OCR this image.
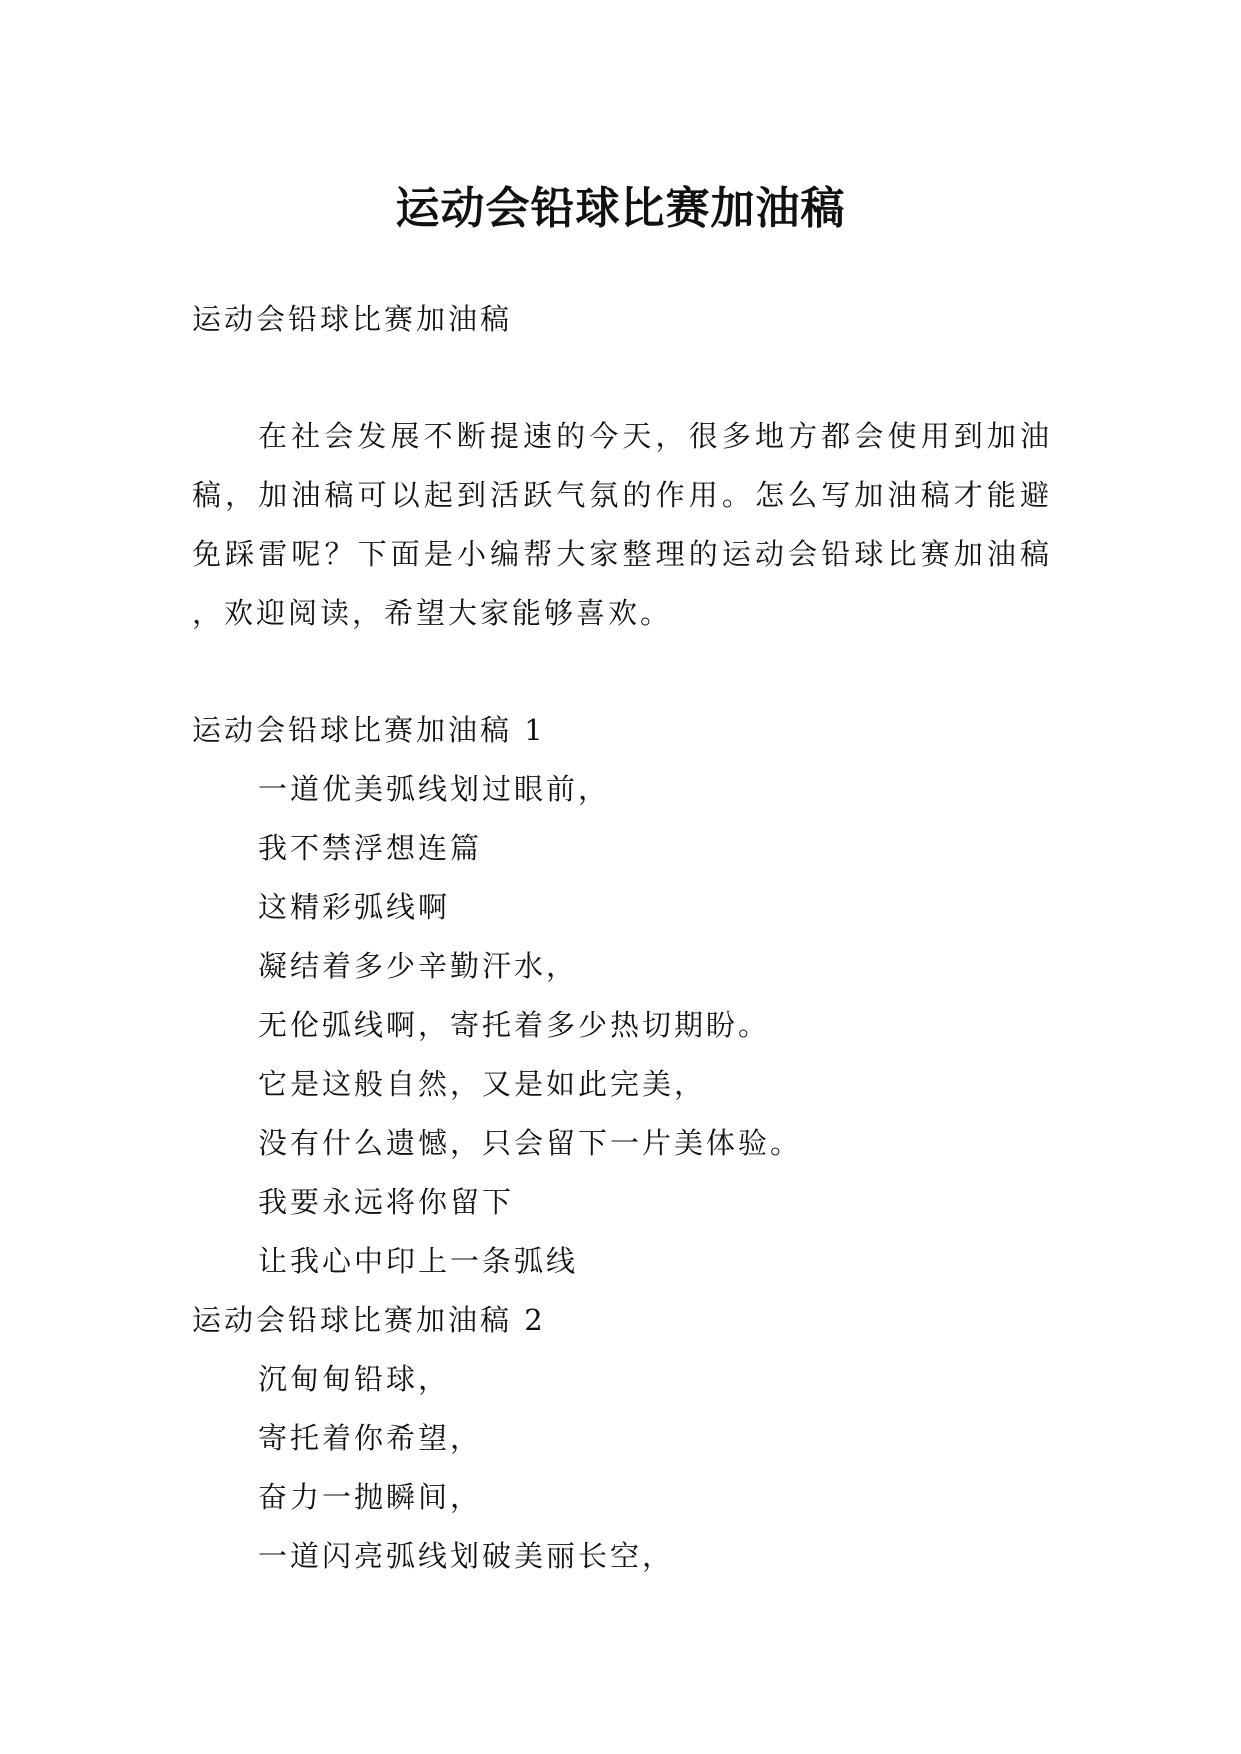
运动会铅球比赛加油稿

运动会铅球比赛加油稿

在社会发展不断提速的今天，很多地方都会使用到加油稿，加油稿可以起到活跃气氛的作用。怎么写加油稿才能避免踩雷呢？下面是小编帮大家整理的运动会铅球比赛加油稿 ，欢迎阅读，希望大家能够喜欢。

运动会铅球比赛加油稿 1

一道优美弧线划过眼前，
我不禁浮想连篇
这精彩弧线啊
凝结着多少辛勤汗水，
无伦弧线啊，寄托着多少热切期盼。
它是这般自然，又是如此完美，
没有什么遗憾，只会留下一片美体验。
我要永远将你留下
让我心中印上一条弧线

运动会铅球比赛加油稿 2

沉甸甸铅球，
寄托着你希望，
奋力一抛瞬间，
一道闪亮弧线划破美丽长空，
